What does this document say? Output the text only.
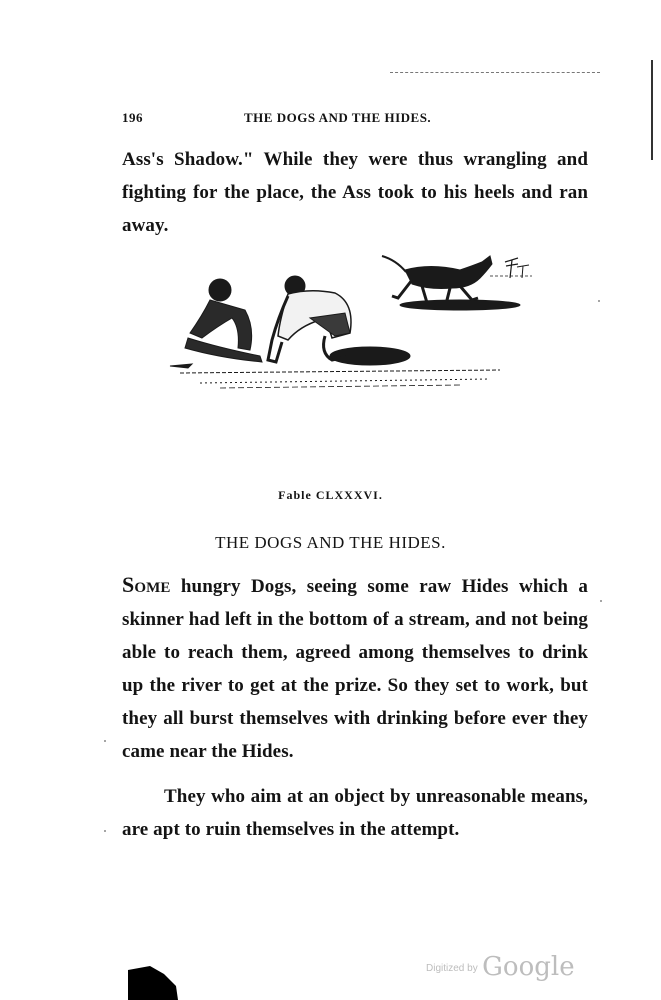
196	THE DOGS AND THE HIDES.
Ass's Shadow." While they were thus wrangling and fighting for the place, the Ass took to his heels and ran away.
Fable CLXXXVI.
THE DOGS AND THE HIDES.
Some hungry Dogs, seeing some raw Hides which a skinner had left in the bottom of a stream, and not being able to reach them, agreed among themselves to drink up the river to get at the prize. So they set to work, but they all burst themselves with drinking before ever they came near the Hides.
They who aim at an object by unreasonable means, are apt to ruin themselves in the attempt.
$^{Digitized by}$ Google
